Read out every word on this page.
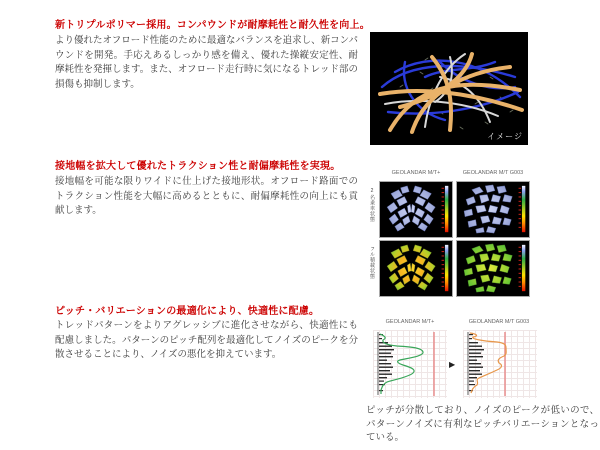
新トリプルポリマー採用。コンパウンドが耐摩耗性と耐久性を向上。
より優れたオフロード性能のために最適なバランスを追求し、新コンパウンドを開発。手応えあるしっかり感を備え、優れた操縦安定性、耐摩耗性を発揮します。また、オフロード走行時に気になるトレッド部の損傷も抑制します。
イメージ
接地幅を拡大して優れたトラクション性と耐偏摩耗性を実現。
接地幅を可能な限りワイドに仕上げた接地形状。オフロード路面でのトラクション性能を大幅に高めるとともに、耐偏摩耗性の向上にも貢献します。
GEOLANDAR M/T+	GEOLANDAR M/T G003
2名乗車状態
フル積載状態
ピッチ・バリエーションの最適化により、快適性に配慮。
トレッドパターンをよりアグレッシブに進化させながら、快適性にも配慮しました。パターンのピッチ配列を最適化してノイズのピークを分散させることにより、ノイズの悪化を抑えています。
GEOLANDAR M/T+	GEOLANDAR M/T G003
▶
ピッチが分散しており、ノイズのピークが低いので、パターンノイズに有利なピッチバリエーションとなっている。
